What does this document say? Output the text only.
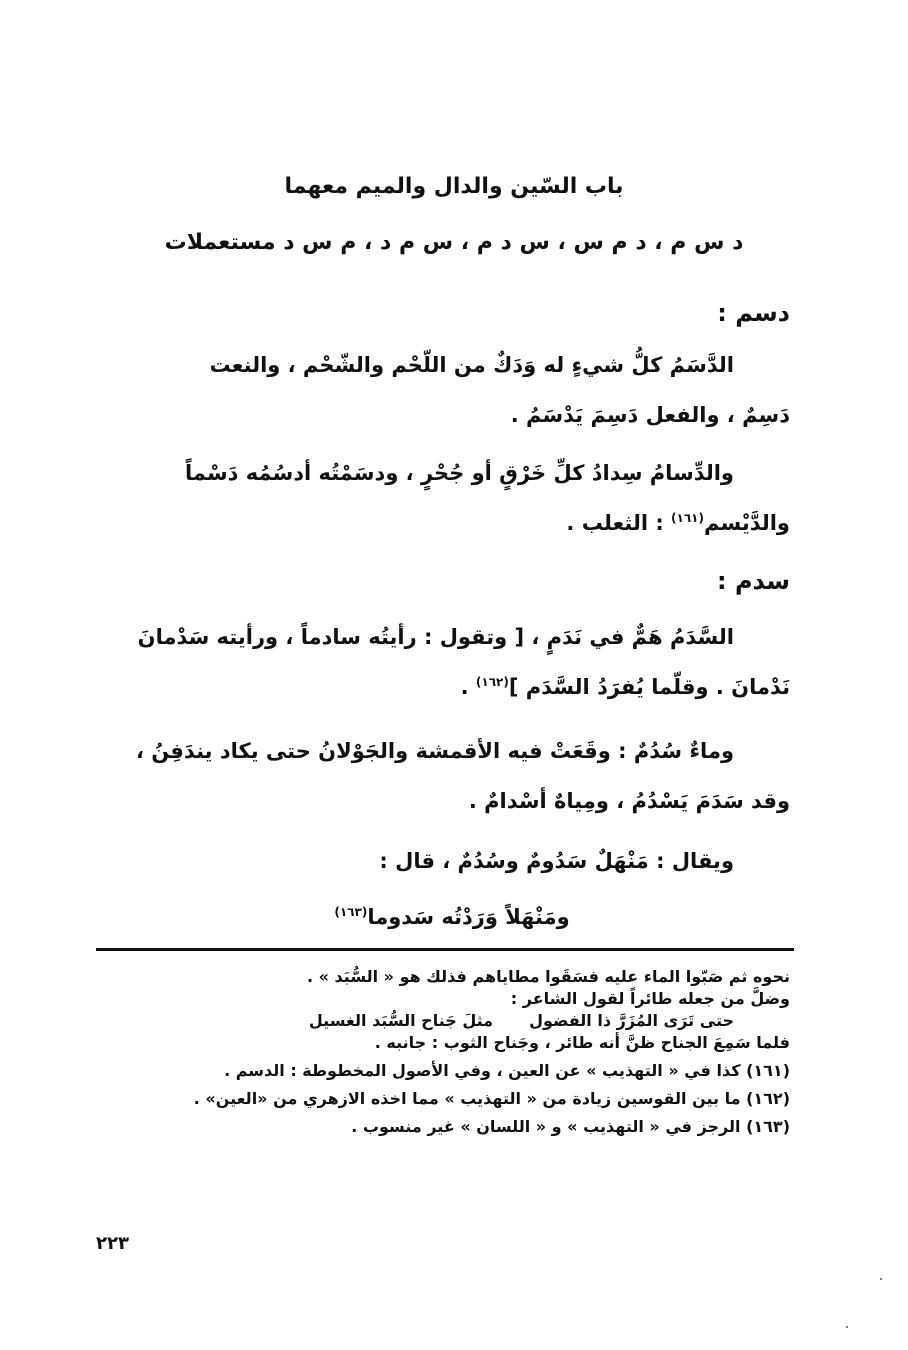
باب السّين والدال والميم معهما
د س م ، د م س ، س د م ، س م د ، م س د مستعملات
دسم :

الدَّسَمُ كلُّ شيءٍ له وَدَكٌ من اللّحْم والشّحْم ، والنعت
دَسِمٌ ، والفعل دَسِمَ يَدْسَمُ .

والدِّسامُ سِدادُ كلِّ خَرْقٍ أو جُحْرٍ ، ودسَمْتُه أدسُمُه دَسْماً
والدَّيْسم$^{(١٦١)}$ : الثعلب .

سدم :

السَّدَمُ هَمٌّ في نَدَمٍ ، [ وتقول : رأيتُه سادماً ، ورأيته سَدْمانَ
نَدْمانَ . وقلّما يُفرَدُ السَّدَم ]$^{(١٦٢)}$ .

وماءٌ سُدُمٌ : وقَعَتْ فيه الأقمشة والجَوْلانُ حتى يكاد يندَفِنُ ،
وقد سَدَمَ يَسْدُمُ ، ومِياهٌ أسْدامٌ .

ويقال : مَنْهَلٌ سَدُومٌ وسُدُمٌ ، قال :

ومَنْهَلاً وَرَدْتُه سَدوما$^{(١٦٣)}$

نحوه ثم صَبّوا الماء عليه فسَقَوا مطاياهم فذلك هو « السُّبَد » .

وضلَّ من جعله طائراً لقول الشاعر :

حتى تَرَى المُزَرَّ ذا الفضولمثلَ جَناح السُّبَد الغسيل

فلما سَمِعَ الجناح ظنَّ أنه طائر ، وجَناح الثوب : جانبه .

(١٦١) كذا في « التهذيب » عن العين ، وفي الأصول المخطوطة : الدسم .

(١٦٢) ما بين القوسين زيادة من « التهذيب » مما اخذه الازهري من «العين» .

(١٦٣) الرجز في « التهذيب » و « اللسان » غير منسوب .

٢٢٣
